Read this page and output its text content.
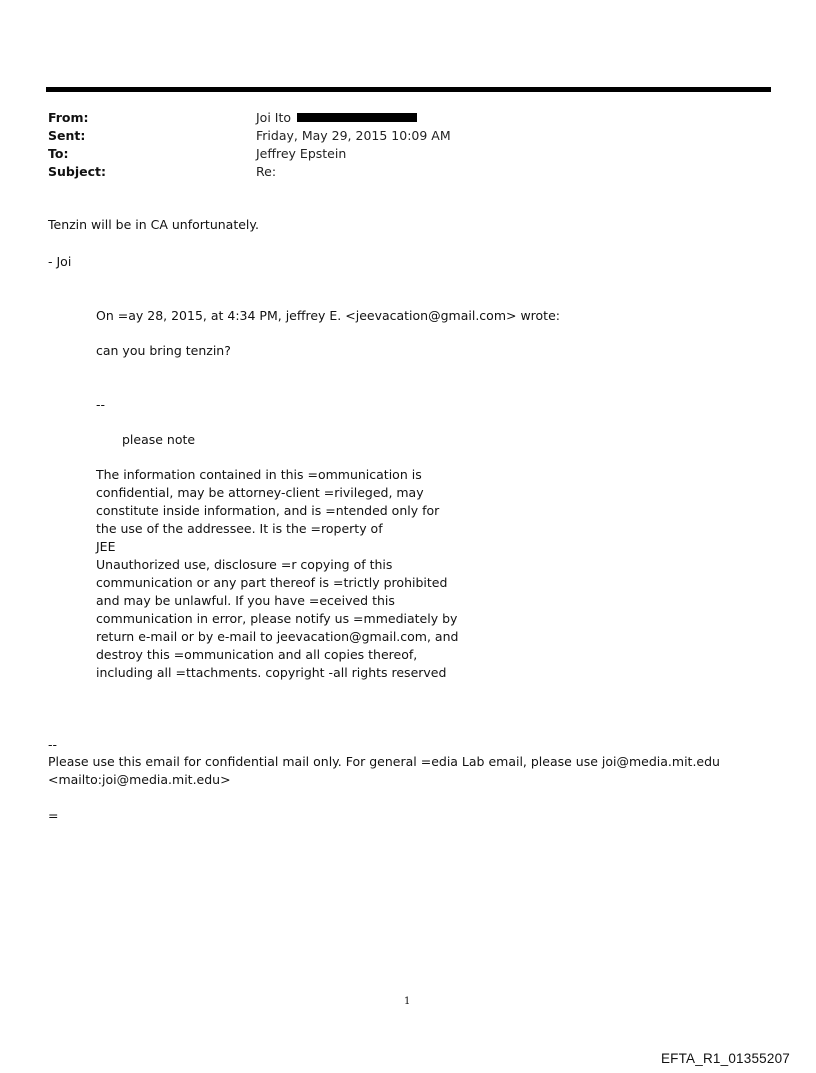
From:	Joi Ito
Sent:	Friday, May 29, 2015 10:09 AM
To:	Jeffrey Epstein
Subject:	Re:
Tenzin will be in CA unfortunately.
- Joi
On =ay 28, 2015, at 4:34 PM, jeffrey E. <jeevacation@gmail.com> wrote:
can you bring tenzin?
--
please note
The information contained in this =ommunication is
confidential, may be attorney-client =rivileged, may
constitute inside information, and is =ntended only for
the use of the addressee. It is the =roperty of
JEE
Unauthorized use, disclosure =r copying of this
communication or any part thereof is =trictly prohibited
and may be unlawful. If you have =eceived this
communication in error, please notify us =mmediately by
return e-mail or by e-mail to jeevacation@gmail.com, and
destroy this =ommunication and all copies thereof,
including all =ttachments. copyright -all rights reserved
--
Please use this email for confidential mail only. For general =edia Lab email, please use joi@media.mit.edu
<mailto:joi@media.mit.edu>
=
1
EFTA_R1_01355207
